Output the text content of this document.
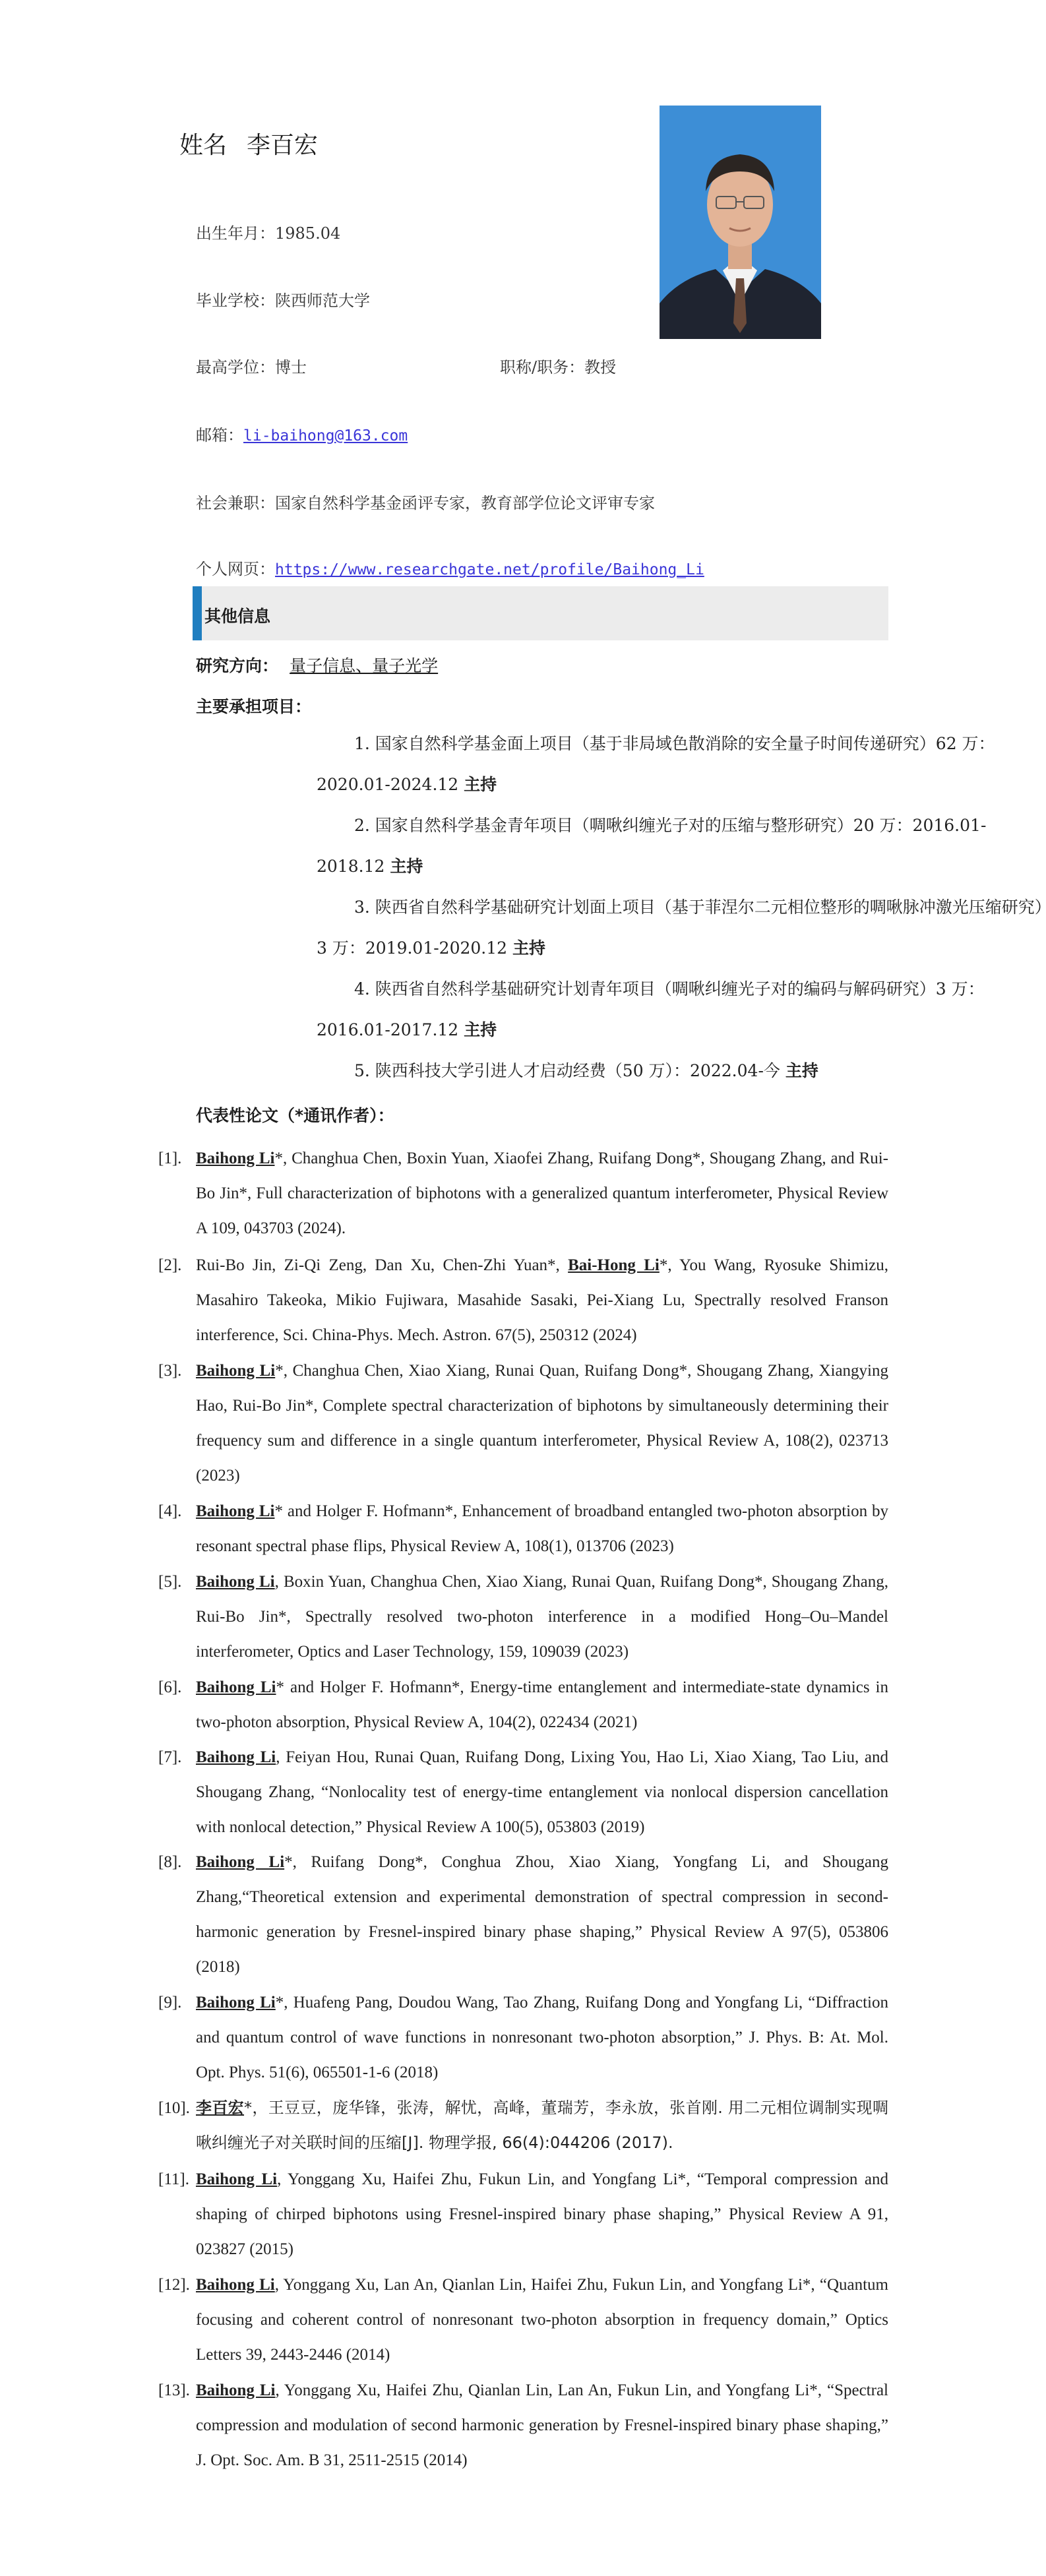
姓名 李百宏
出生年月：1985.04
毕业学校：陕西师范大学
最高学位：博士	职称/职务：教授
邮箱：li-baihong@163.com
社会兼职：国家自然科学基金函评专家，教育部学位论文评审专家
个人网页：https://www.researchgate.net/profile/Baihong_Li
其他信息
研究方向： 量子信息、量子光学
主要承担项目：

1. 国家自然科学基金面上项目（基于非局域色散消除的安全量子时间传递研究）62 万：2020.01-2024.12 主持

2. 国家自然科学基金青年项目（啁啾纠缠光子对的压缩与整形研究）20 万：2016.01-2018.12 主持

3. 陕西省自然科学基础研究计划面上项目（基于菲涅尔二元相位整形的啁啾脉冲激光压缩研究）3 万：2019.01-2020.12 主持

4. 陕西省自然科学基础研究计划青年项目（啁啾纠缠光子对的编码与解码研究）3 万：2016.01-2017.12 主持

5. 陕西科技大学引进人才启动经费（50 万）：2022.04-今 主持

代表性论文（*通讯作者）：
[1]. Baihong Li*, Changhua Chen, Boxin Yuan, Xiaofei Zhang, Ruifang Dong*, Shougang Zhang, and Rui-Bo Jin*, Full characterization of biphotons with a generalized quantum interferometer, Physical Review A 109, 043703 (2024).
[2]. Rui-Bo Jin, Zi-Qi Zeng, Dan Xu, Chen-Zhi Yuan*, Bai-Hong Li*, You Wang, Ryosuke Shimizu, Masahiro Takeoka, Mikio Fujiwara, Masahide Sasaki, Pei-Xiang Lu, Spectrally resolved Franson interference, Sci. China-Phys. Mech. Astron. 67(5), 250312 (2024)
[3]. Baihong Li*, Changhua Chen, Xiao Xiang, Runai Quan, Ruifang Dong*, Shougang Zhang, Xiangying Hao, Rui-Bo Jin*, Complete spectral characterization of biphotons by simultaneously determining their frequency sum and difference in a single quantum interferometer, Physical Review A, 108(2), 023713 (2023)
[4]. Baihong Li* and Holger F. Hofmann*, Enhancement of broadband entangled two-photon absorption by resonant spectral phase flips, Physical Review A, 108(1), 013706 (2023)
[5]. Baihong Li, Boxin Yuan, Changhua Chen, Xiao Xiang, Runai Quan, Ruifang Dong*, Shougang Zhang, Rui-Bo Jin*, Spectrally resolved two-photon interference in a modified Hong–Ou–Mandel interferometer, Optics and Laser Technology, 159, 109039 (2023)
[6]. Baihong Li* and Holger F. Hofmann*, Energy-time entanglement and intermediate-state dynamics in two-photon absorption, Physical Review A, 104(2), 022434 (2021)
[7]. Baihong Li, Feiyan Hou, Runai Quan, Ruifang Dong, Lixing You, Hao Li, Xiao Xiang, Tao Liu, and Shougang Zhang, “Nonlocality test of energy-time entanglement via nonlocal dispersion cancellation with nonlocal detection,” Physical Review A 100(5), 053803 (2019)
[8]. Baihong Li*, Ruifang Dong*, Conghua Zhou, Xiao Xiang, Yongfang Li, and Shougang Zhang,“Theoretical extension and experimental demonstration of spectral compression in second-harmonic generation by Fresnel-inspired binary phase shaping,” Physical Review A 97(5), 053806 (2018)
[9]. Baihong Li*, Huafeng Pang, Doudou Wang, Tao Zhang, Ruifang Dong and Yongfang Li, “Diffraction and quantum control of wave functions in nonresonant two-photon absorption,” J. Phys. B: At. Mol. Opt. Phys. 51(6), 065501-1-6 (2018)
[10]. 李百宏*，王豆豆，庞华锋，张涛，解忧，高峰，董瑞芳，李永放，张首刚. 用二元相位调制实现啁啾纠缠光子对关联时间的压缩[J]. 物理学报, 66(4):044206 (2017).
[11]. Baihong Li, Yonggang Xu, Haifei Zhu, Fukun Lin, and Yongfang Li*, “Temporal compression and shaping of chirped biphotons using Fresnel-inspired binary phase shaping,” Physical Review A 91, 023827 (2015)
[12]. Baihong Li, Yonggang Xu, Lan An, Qianlan Lin, Haifei Zhu, Fukun Lin, and Yongfang Li*, “Quantum focusing and coherent control of nonresonant two-photon absorption in frequency domain,” Optics Letters 39, 2443-2446 (2014)
[13]. Baihong Li, Yonggang Xu, Haifei Zhu, Qianlan Lin, Lan An, Fukun Lin, and Yongfang Li*, “Spectral compression and modulation of second harmonic generation by Fresnel-inspired binary phase shaping,” J. Opt. Soc. Am. B 31, 2511-2515 (2014)
